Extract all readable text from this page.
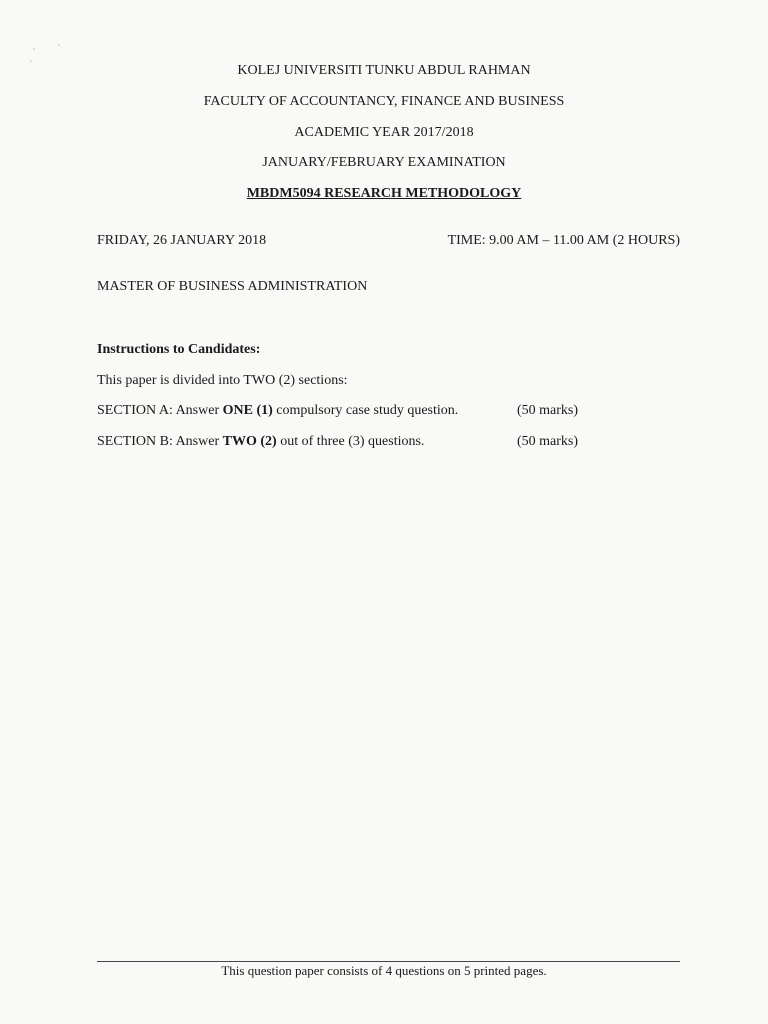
KOLEJ UNIVERSITI TUNKU ABDUL RAHMAN
FACULTY OF ACCOUNTANCY, FINANCE AND BUSINESS
ACADEMIC YEAR 2017/2018
JANUARY/FEBRUARY EXAMINATION
MBDM5094 RESEARCH METHODOLOGY
FRIDAY, 26 JANUARY 2018	TIME: 9.00 AM – 11.00 AM (2 HOURS)
MASTER OF BUSINESS ADMINISTRATION
Instructions to Candidates:
This paper is divided into TWO (2) sections:
SECTION A: Answer ONE (1) compulsory case study question.	(50 marks)
SECTION B: Answer TWO (2) out of three (3) questions.	(50 marks)
This question paper consists of 4 questions on 5 printed pages.
